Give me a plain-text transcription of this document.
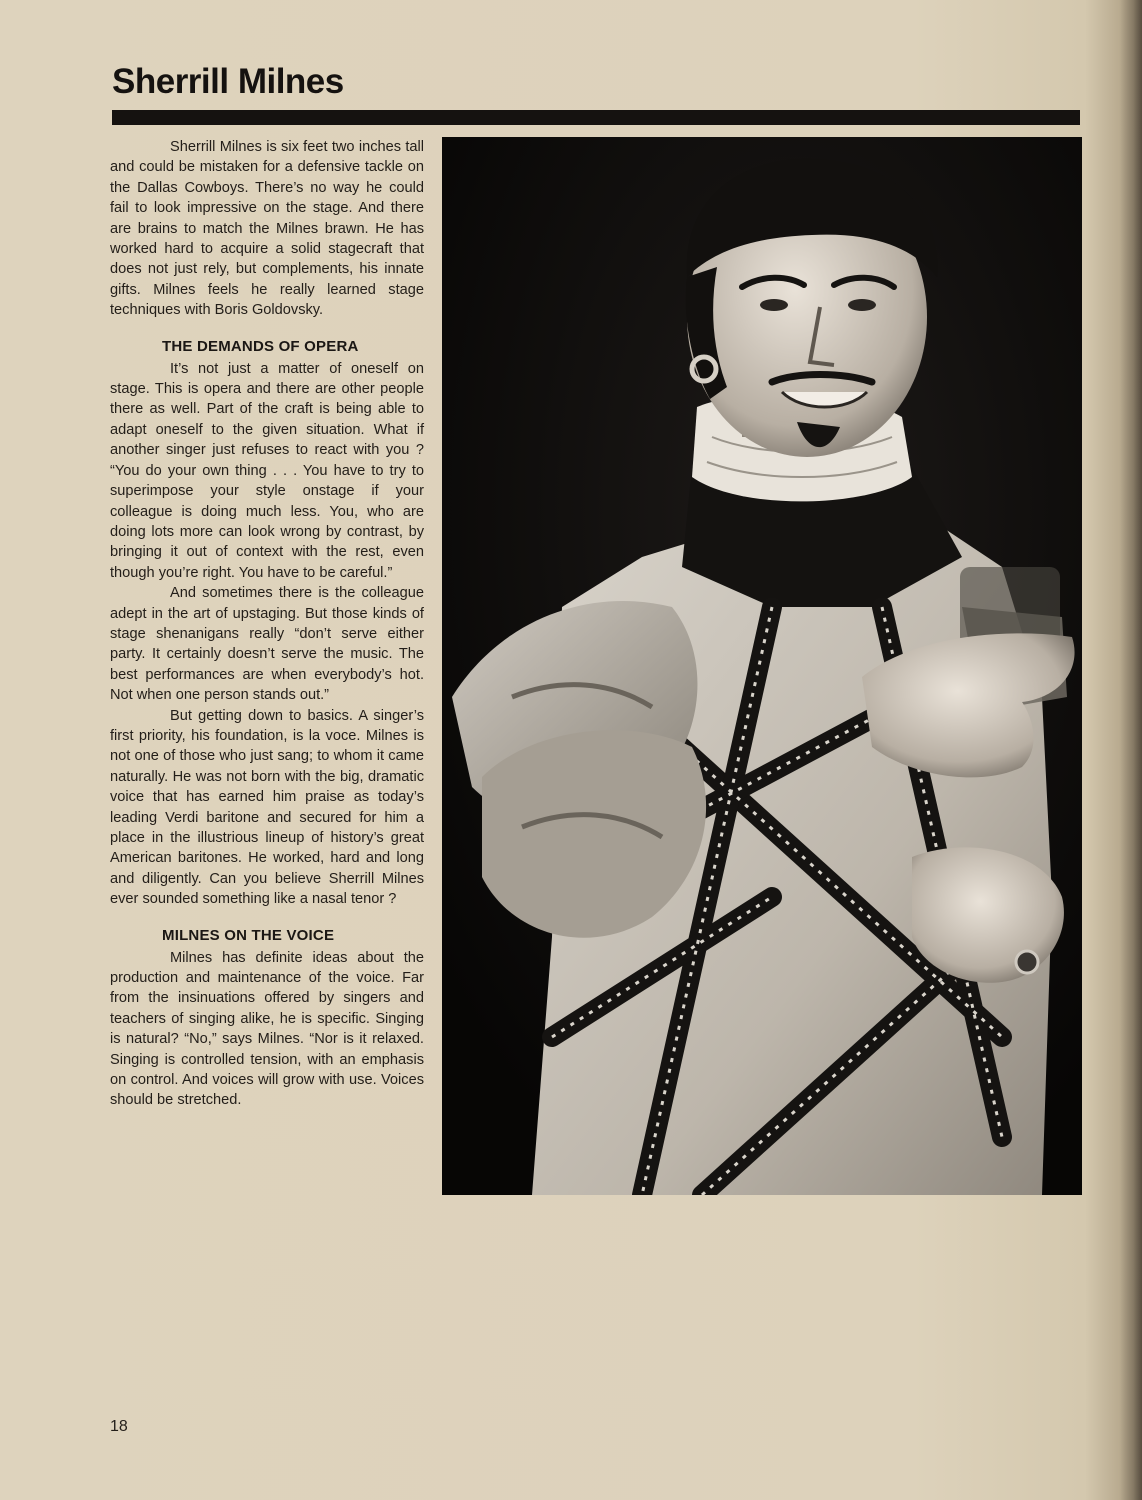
Sherrill Milnes

Sherrill Milnes is six feet two inches tall and could be mistaken for a defensive tackle on the Dallas Cowboys. There’s no way he could fail to look impressive on the stage. And there are brains to match the Milnes brawn. He has worked hard to acquire a solid stagecraft that does not just rely, but complements, his innate gifts. Milnes feels he really learned stage techniques with Boris Goldovsky.

THE DEMANDS OF OPERA

It’s not just a matter of oneself on stage. This is opera and there are other people there as well. Part of the craft is being able to adapt oneself to the given situation. What if another singer just refuses to react with you ? “You do your own thing . . . You have to try to superimpose your style onstage if your colleague is doing much less. You, who are doing lots more can look wrong by contrast, by bringing it out of context with the rest, even though you’re right. You have to be careful.”

And sometimes there is the colleague adept in the art of upstaging. But those kinds of stage shenanigans really “don’t serve either party. It certainly doesn’t serve the music. The best performances are when everybody’s hot. Not when one person stands out.”

But getting down to basics. A singer’s first priority, his foundation, is la voce. Milnes is not one of those who just sang; to whom it came naturally. He was not born with the big, dramatic voice that has earned him praise as today’s leading Verdi baritone and secured for him a place in the illustrious lineup of history’s great American baritones. He worked, hard and long and diligently. Can you believe Sherrill Milnes ever sounded something like a nasal tenor ?

MILNES ON THE VOICE

Milnes has definite ideas about the production and maintenance of the voice. Far from the insinuations offered by singers and teachers of singing alike, he is specific. Singing is natural? “No,” says Milnes. “Nor is it relaxed. Singing is controlled tension, with an emphasis on control. And voices will grow with use. Voices should be stretched.

18
